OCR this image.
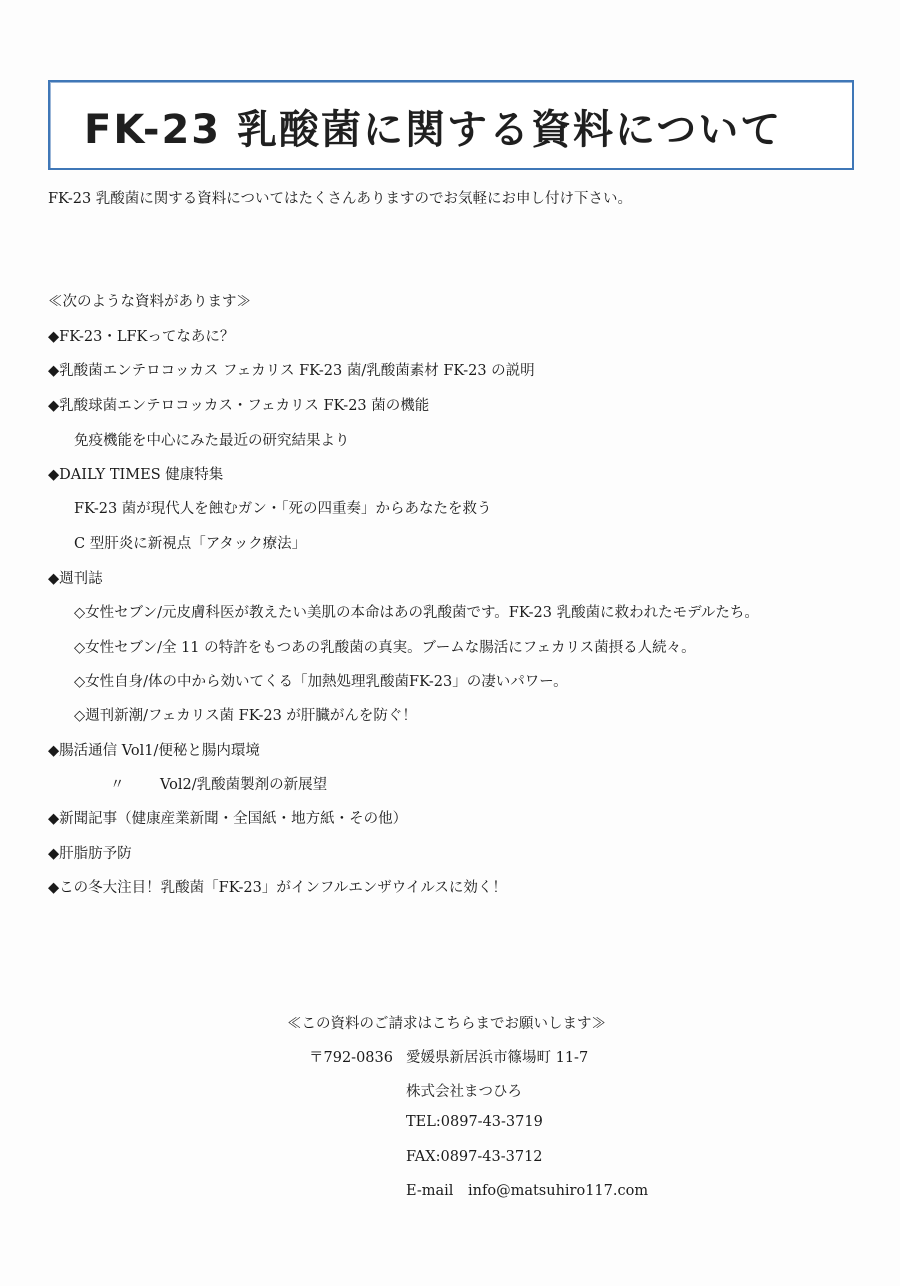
FK-23 乳酸菌に関する資料について
FK-23 乳酸菌に関する資料についてはたくさんありますのでお気軽にお申し付け下さい。
≪次のような資料があります≫
◆FK-23・LFKってなあに？
◆乳酸菌エンテロコッカス フェカリス FK-23 菌/乳酸菌素材 FK-23 の説明
◆乳酸球菌エンテロコッカス・フェカリス FK-23 菌の機能
免疫機能を中心にみた最近の研究結果より
◆DAILY TIMES 健康特集
FK-23 菌が現代人を蝕むガン・「死の四重奏」からあなたを救う
C 型肝炎に新視点「アタック療法」
◆週刊誌
◇女性セブン/元皮膚科医が教えたい美肌の本命はあの乳酸菌です。FK-23 乳酸菌に救われたモデルたち。
◇女性セブン/全 11 の特許をもつあの乳酸菌の真実。ブームな腸活にフェカリス菌摂る人続々。
◇女性自身/体の中から効いてくる「加熱処理乳酸菌FK-23」の凄いパワー。
◇週刊新潮/フェカリス菌 FK-23 が肝臓がんを防ぐ！
◆腸活通信 Vol1/便秘と腸内環境
〃 Vol2/乳酸菌製剤の新展望
◆新聞記事（健康産業新聞・全国紙・地方紙・その他）
◆肝脂肪予防
◆この冬大注目！乳酸菌「FK-23」がインフルエンザウイルスに効く！
≪この資料のご請求はこちらまでお願いします≫
〒792-0836 愛媛県新居浜市篠場町 11-7
株式会社まつひろ
TEL:0897-43-3719
FAX:0897-43-3712
E-mail info@matsuhiro117.com
